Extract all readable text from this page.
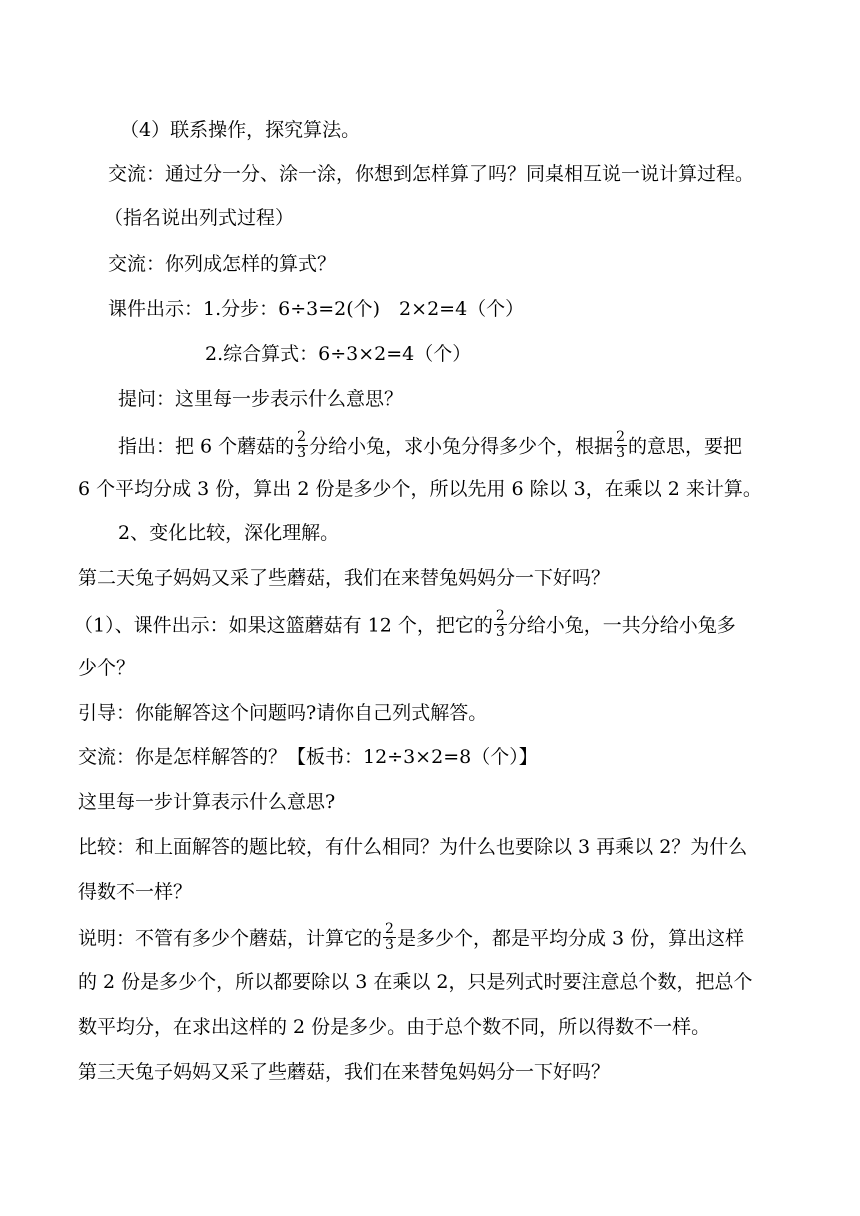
（4）联系操作，探究算法。
交流：通过分一分、涂一涂，你想到怎样算了吗？同桌相互说一说计算过程。
（指名说出列式过程）
交流：你列成怎样的算式？
课件出示：1.分步：6÷3=2(个)　2×2=4（个）
2.综合算式：6÷3×2=4（个）
提问：这里每一步表示什么意思？
指出：把 6 个蘑菇的 $\frac{2}{3}$ 分给小兔，求小兔分得多少个，根据 $\frac{2}{3}$ 的意思，要把
6 个平均分成 3 份，算出 2 份是多少个，所以先用 6 除以 3，在乘以 2 来计算。
2、变化比较，深化理解。
第二天兔子妈妈又采了些蘑菇，我们在来替兔妈妈分一下好吗？
（1）、课件出示：如果这篮蘑菇有 12 个，把它的 $\frac{2}{3}$ 分给小兔，一共分给小兔多
少个？
引导：你能解答这个问题吗?请你自己列式解答。
交流：你是怎样解答的？【板书：12÷3×2=8（个）】
这里每一步计算表示什么意思?
比较：和上面解答的题比较，有什么相同？为什么也要除以 3 再乘以 2？为什么
得数不一样？
说明：不管有多少个蘑菇，计算它的 $\frac{2}{3}$ 是多少个，都是平均分成 3 份，算出这样
的 2 份是多少个，所以都要除以 3 在乘以 2，只是列式时要注意总个数，把总个
数平均分，在求出这样的 2 份是多少。由于总个数不同，所以得数不一样。
第三天兔子妈妈又采了些蘑菇，我们在来替兔妈妈分一下好吗？
